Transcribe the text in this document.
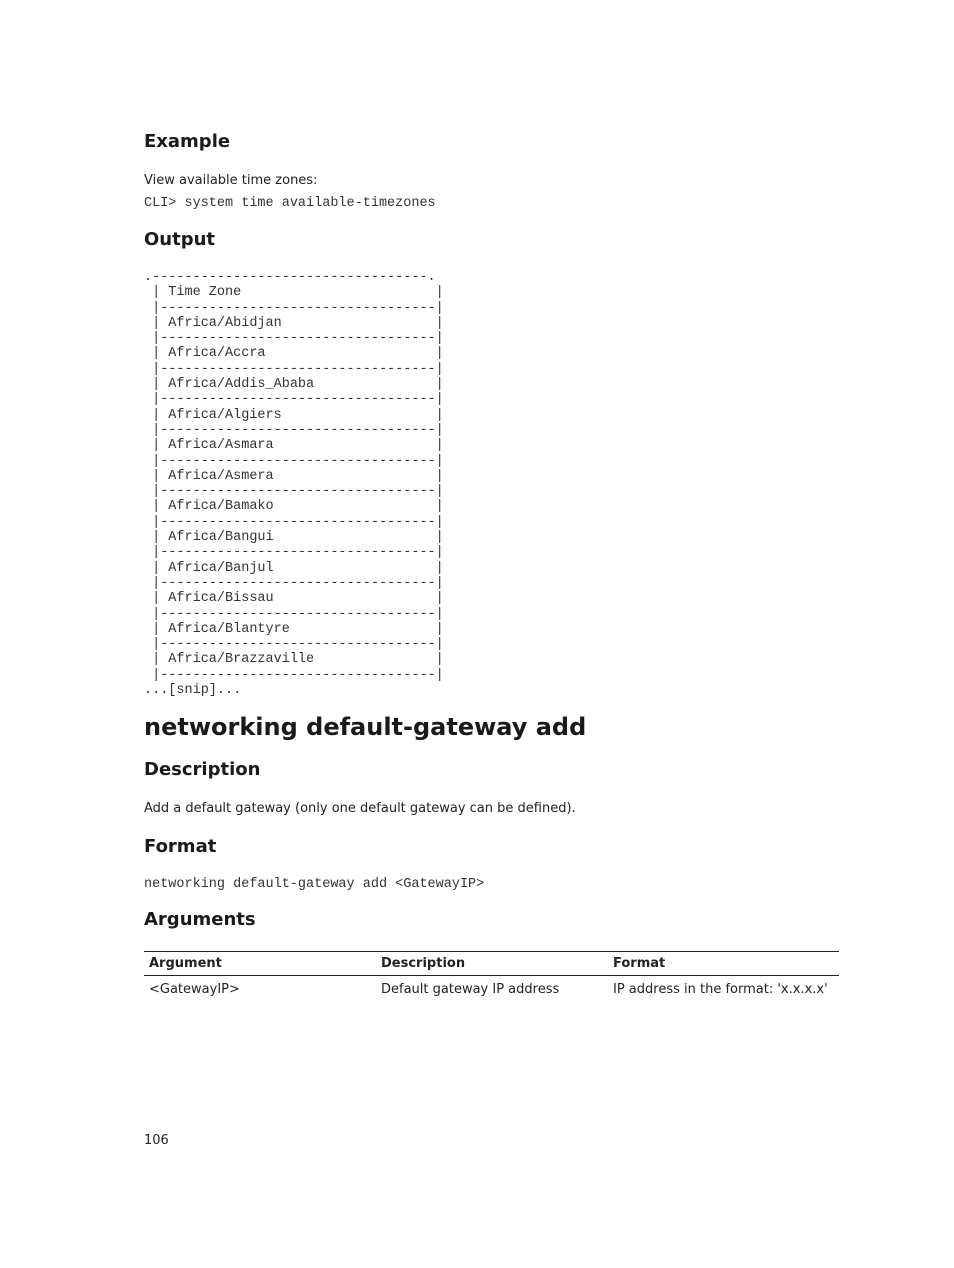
Example

View available time zones:

CLI> system time available-timezones

Output
.----------------------------------.
| Time Zone                        |
|----------------------------------|
| Africa/Abidjan                   |
|----------------------------------|
| Africa/Accra                     |
|----------------------------------|
| Africa/Addis_Ababa               |
|----------------------------------|
| Africa/Algiers                   |
|----------------------------------|
| Africa/Asmara                    |
|----------------------------------|
| Africa/Asmera                    |
|----------------------------------|
| Africa/Bamako                    |
|----------------------------------|
| Africa/Bangui                    |
|----------------------------------|
| Africa/Banjul                    |
|----------------------------------|
| Africa/Bissau                    |
|----------------------------------|
| Africa/Blantyre                  |
|----------------------------------|
| Africa/Brazzaville               |
|----------------------------------|
...[snip]...
networking default-gateway add
Description

Add a default gateway (only one default gateway can be defined).

Format

networking default-gateway add <GatewayIP>

Arguments
Argument	Description	Format
<GatewayIP>	Default gateway IP address	IP address in the format: 'x.x.x.x'
106
